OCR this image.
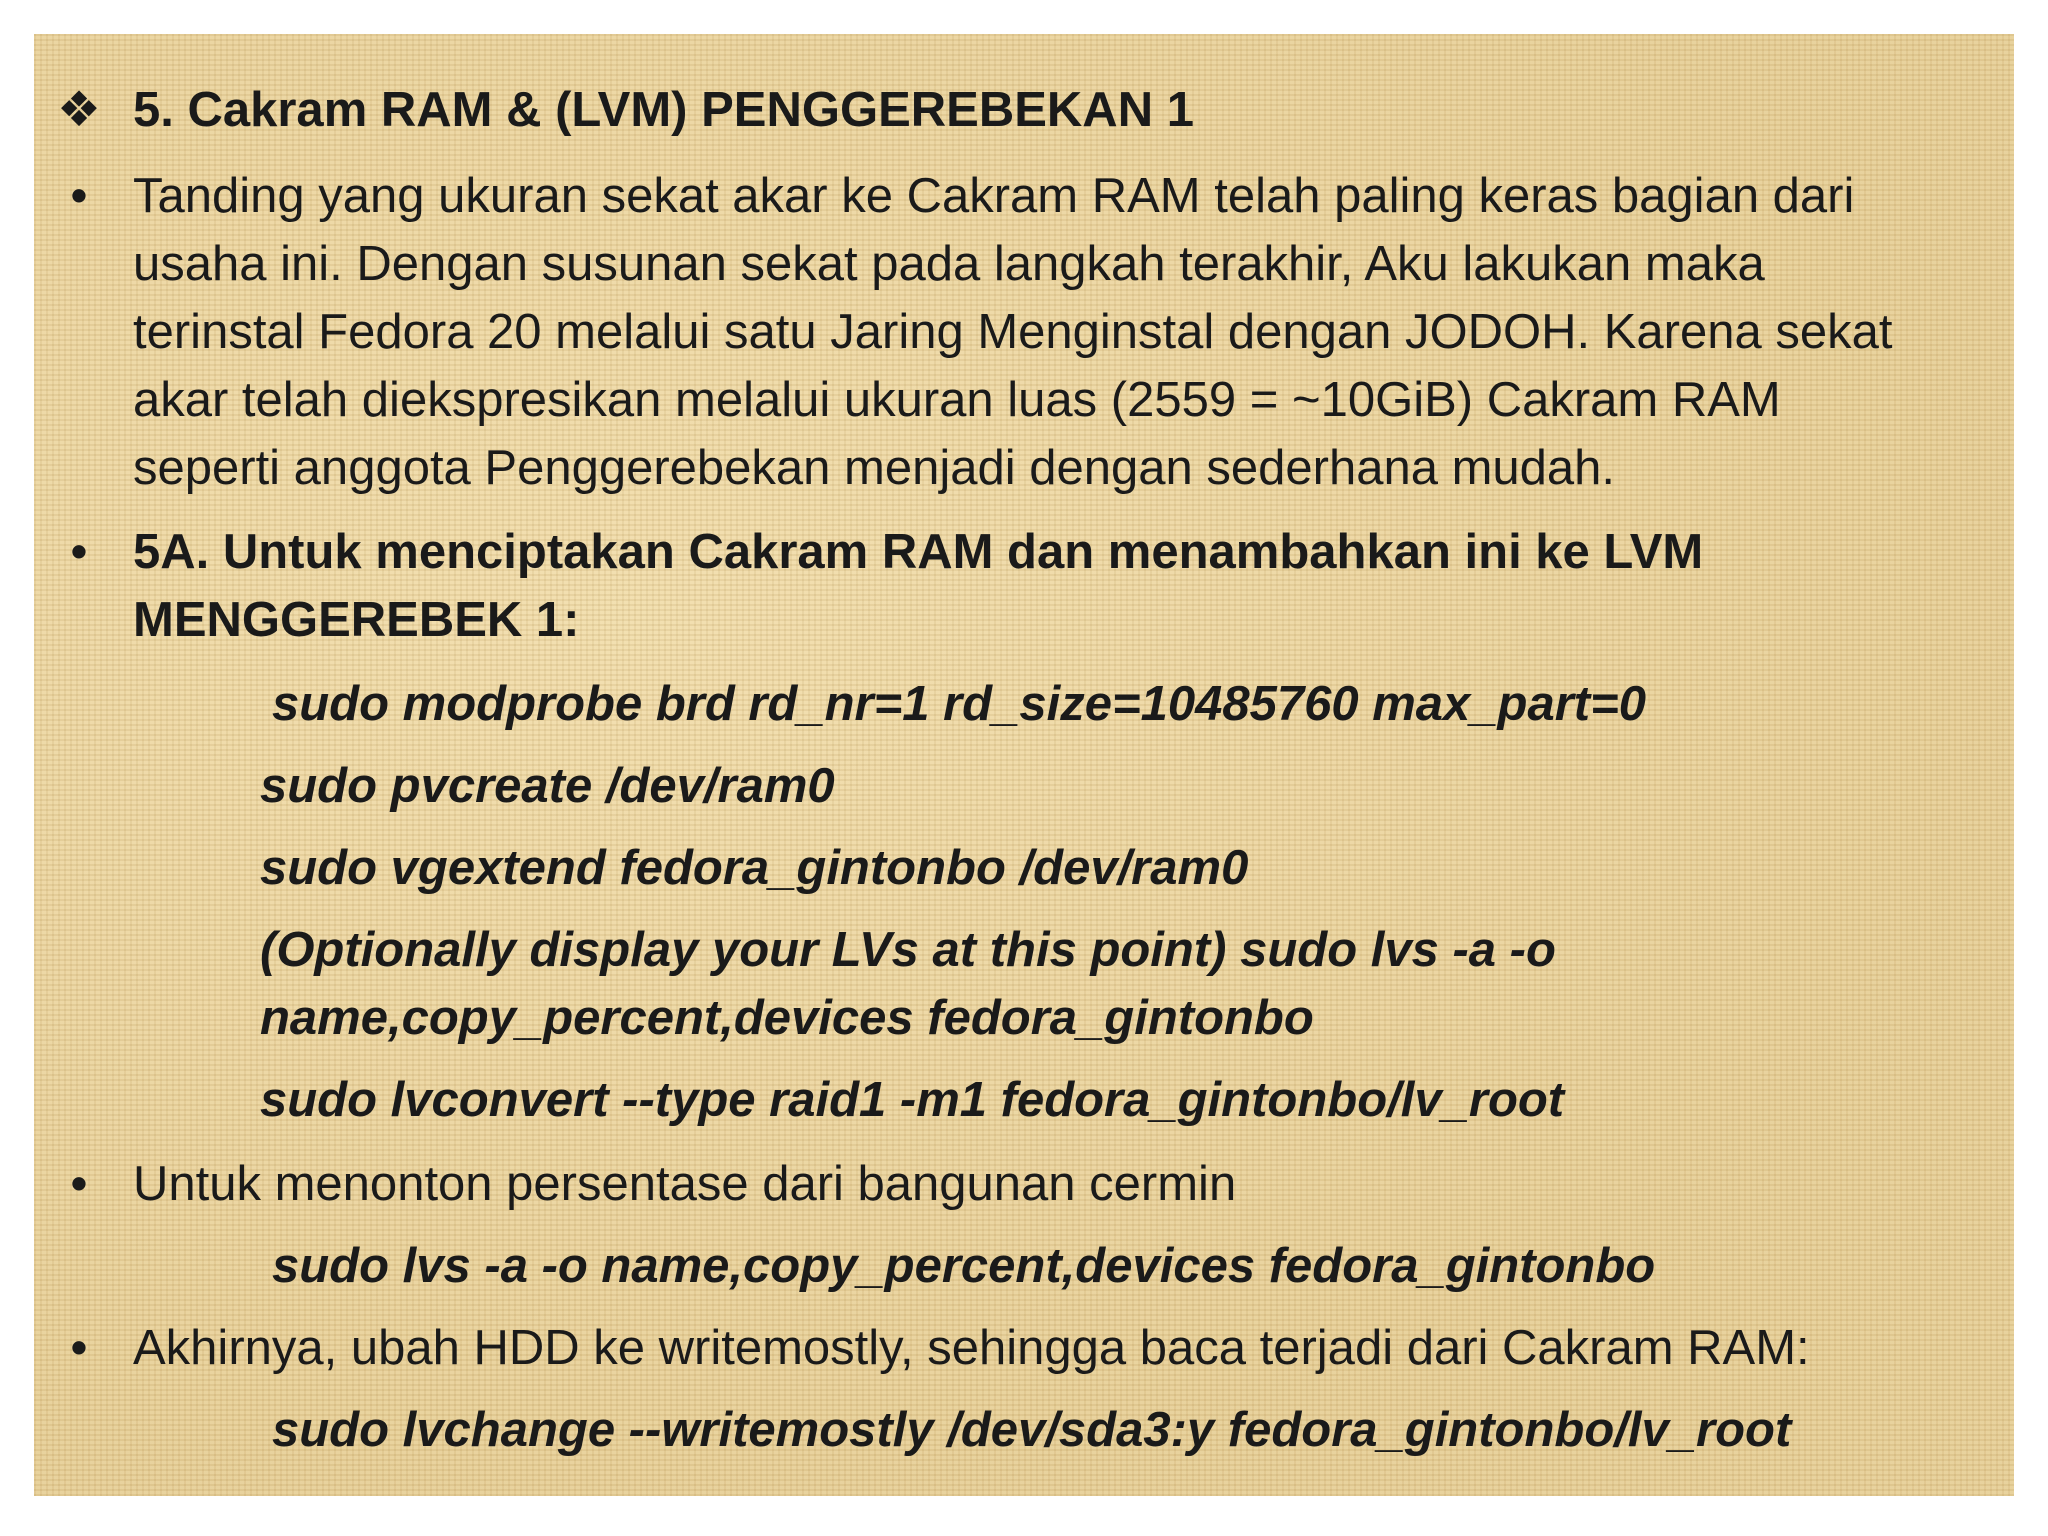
❖ 5. Cakram RAM & (LVM) PENGGEREBEKAN 1
• Tanding yang ukuran sekat akar ke Cakram RAM telah paling keras bagian dari
usaha ini. Dengan susunan sekat pada langkah terakhir, Aku lakukan maka
terinstal Fedora 20 melalui satu Jaring Menginstal dengan JODOH. Karena sekat
akar telah diekspresikan melalui ukuran luas (2559 = ~10GiB) Cakram RAM
seperti anggota Penggerebekan menjadi dengan sederhana mudah.
• 5A. Untuk menciptakan Cakram RAM dan menambahkan ini ke LVM
MENGGEREBEK 1:
sudo modprobe brd rd_nr=1 rd_size=10485760 max_part=0
sudo pvcreate /dev/ram0
sudo vgextend fedora_gintonbo /dev/ram0
(Optionally display your LVs at this point) sudo lvs -a -o
name,copy_percent,devices fedora_gintonbo
sudo lvconvert --type raid1 -m1 fedora_gintonbo/lv_root
• Untuk menonton persentase dari bangunan cermin
sudo lvs -a -o name,copy_percent,devices fedora_gintonbo
• Akhirnya, ubah HDD ke writemostly, sehingga baca terjadi dari Cakram RAM:
sudo lvchange --writemostly /dev/sda3:y fedora_gintonbo/lv_root
